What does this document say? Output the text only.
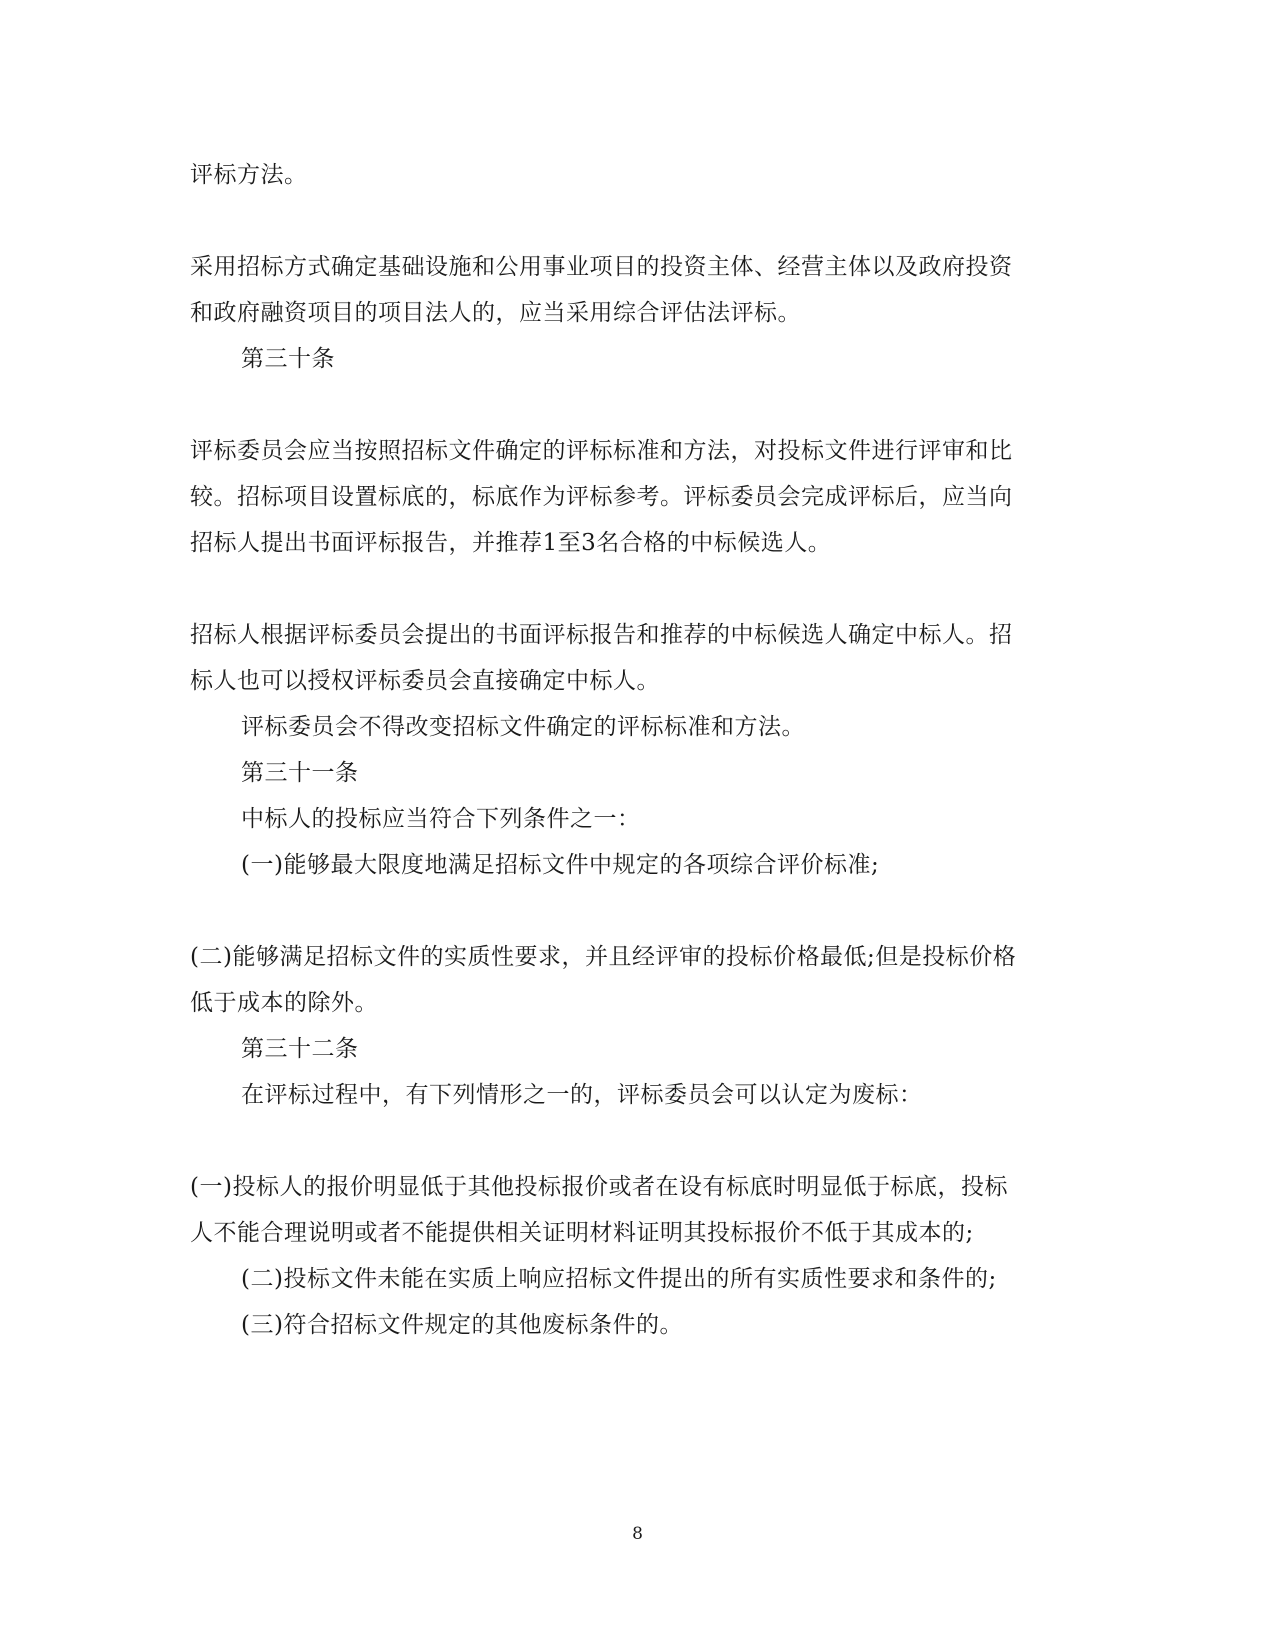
评标方法。
采用招标方式确定基础设施和公用事业项目的投资主体、经营主体以及政府投资
和政府融资项目的项目法人的，应当采用综合评估法评标。
第三十条
评标委员会应当按照招标文件确定的评标标准和方法，对投标文件进行评审和比
较。招标项目设置标底的，标底作为评标参考。评标委员会完成评标后，应当向
招标人提出书面评标报告，并推荐1至3名合格的中标候选人。
招标人根据评标委员会提出的书面评标报告和推荐的中标候选人确定中标人。招
标人也可以授权评标委员会直接确定中标人。
评标委员会不得改变招标文件确定的评标标准和方法。
第三十一条
中标人的投标应当符合下列条件之一：
(一)能够最大限度地满足招标文件中规定的各项综合评价标准;
(二)能够满足招标文件的实质性要求，并且经评审的投标价格最低;但是投标价格
低于成本的除外。
第三十二条
在评标过程中，有下列情形之一的，评标委员会可以认定为废标：
(一)投标人的报价明显低于其他投标报价或者在设有标底时明显低于标底，投标
人不能合理说明或者不能提供相关证明材料证明其投标报价不低于其成本的;
(二)投标文件未能在实质上响应招标文件提出的所有实质性要求和条件的;
(三)符合招标文件规定的其他废标条件的。
8
